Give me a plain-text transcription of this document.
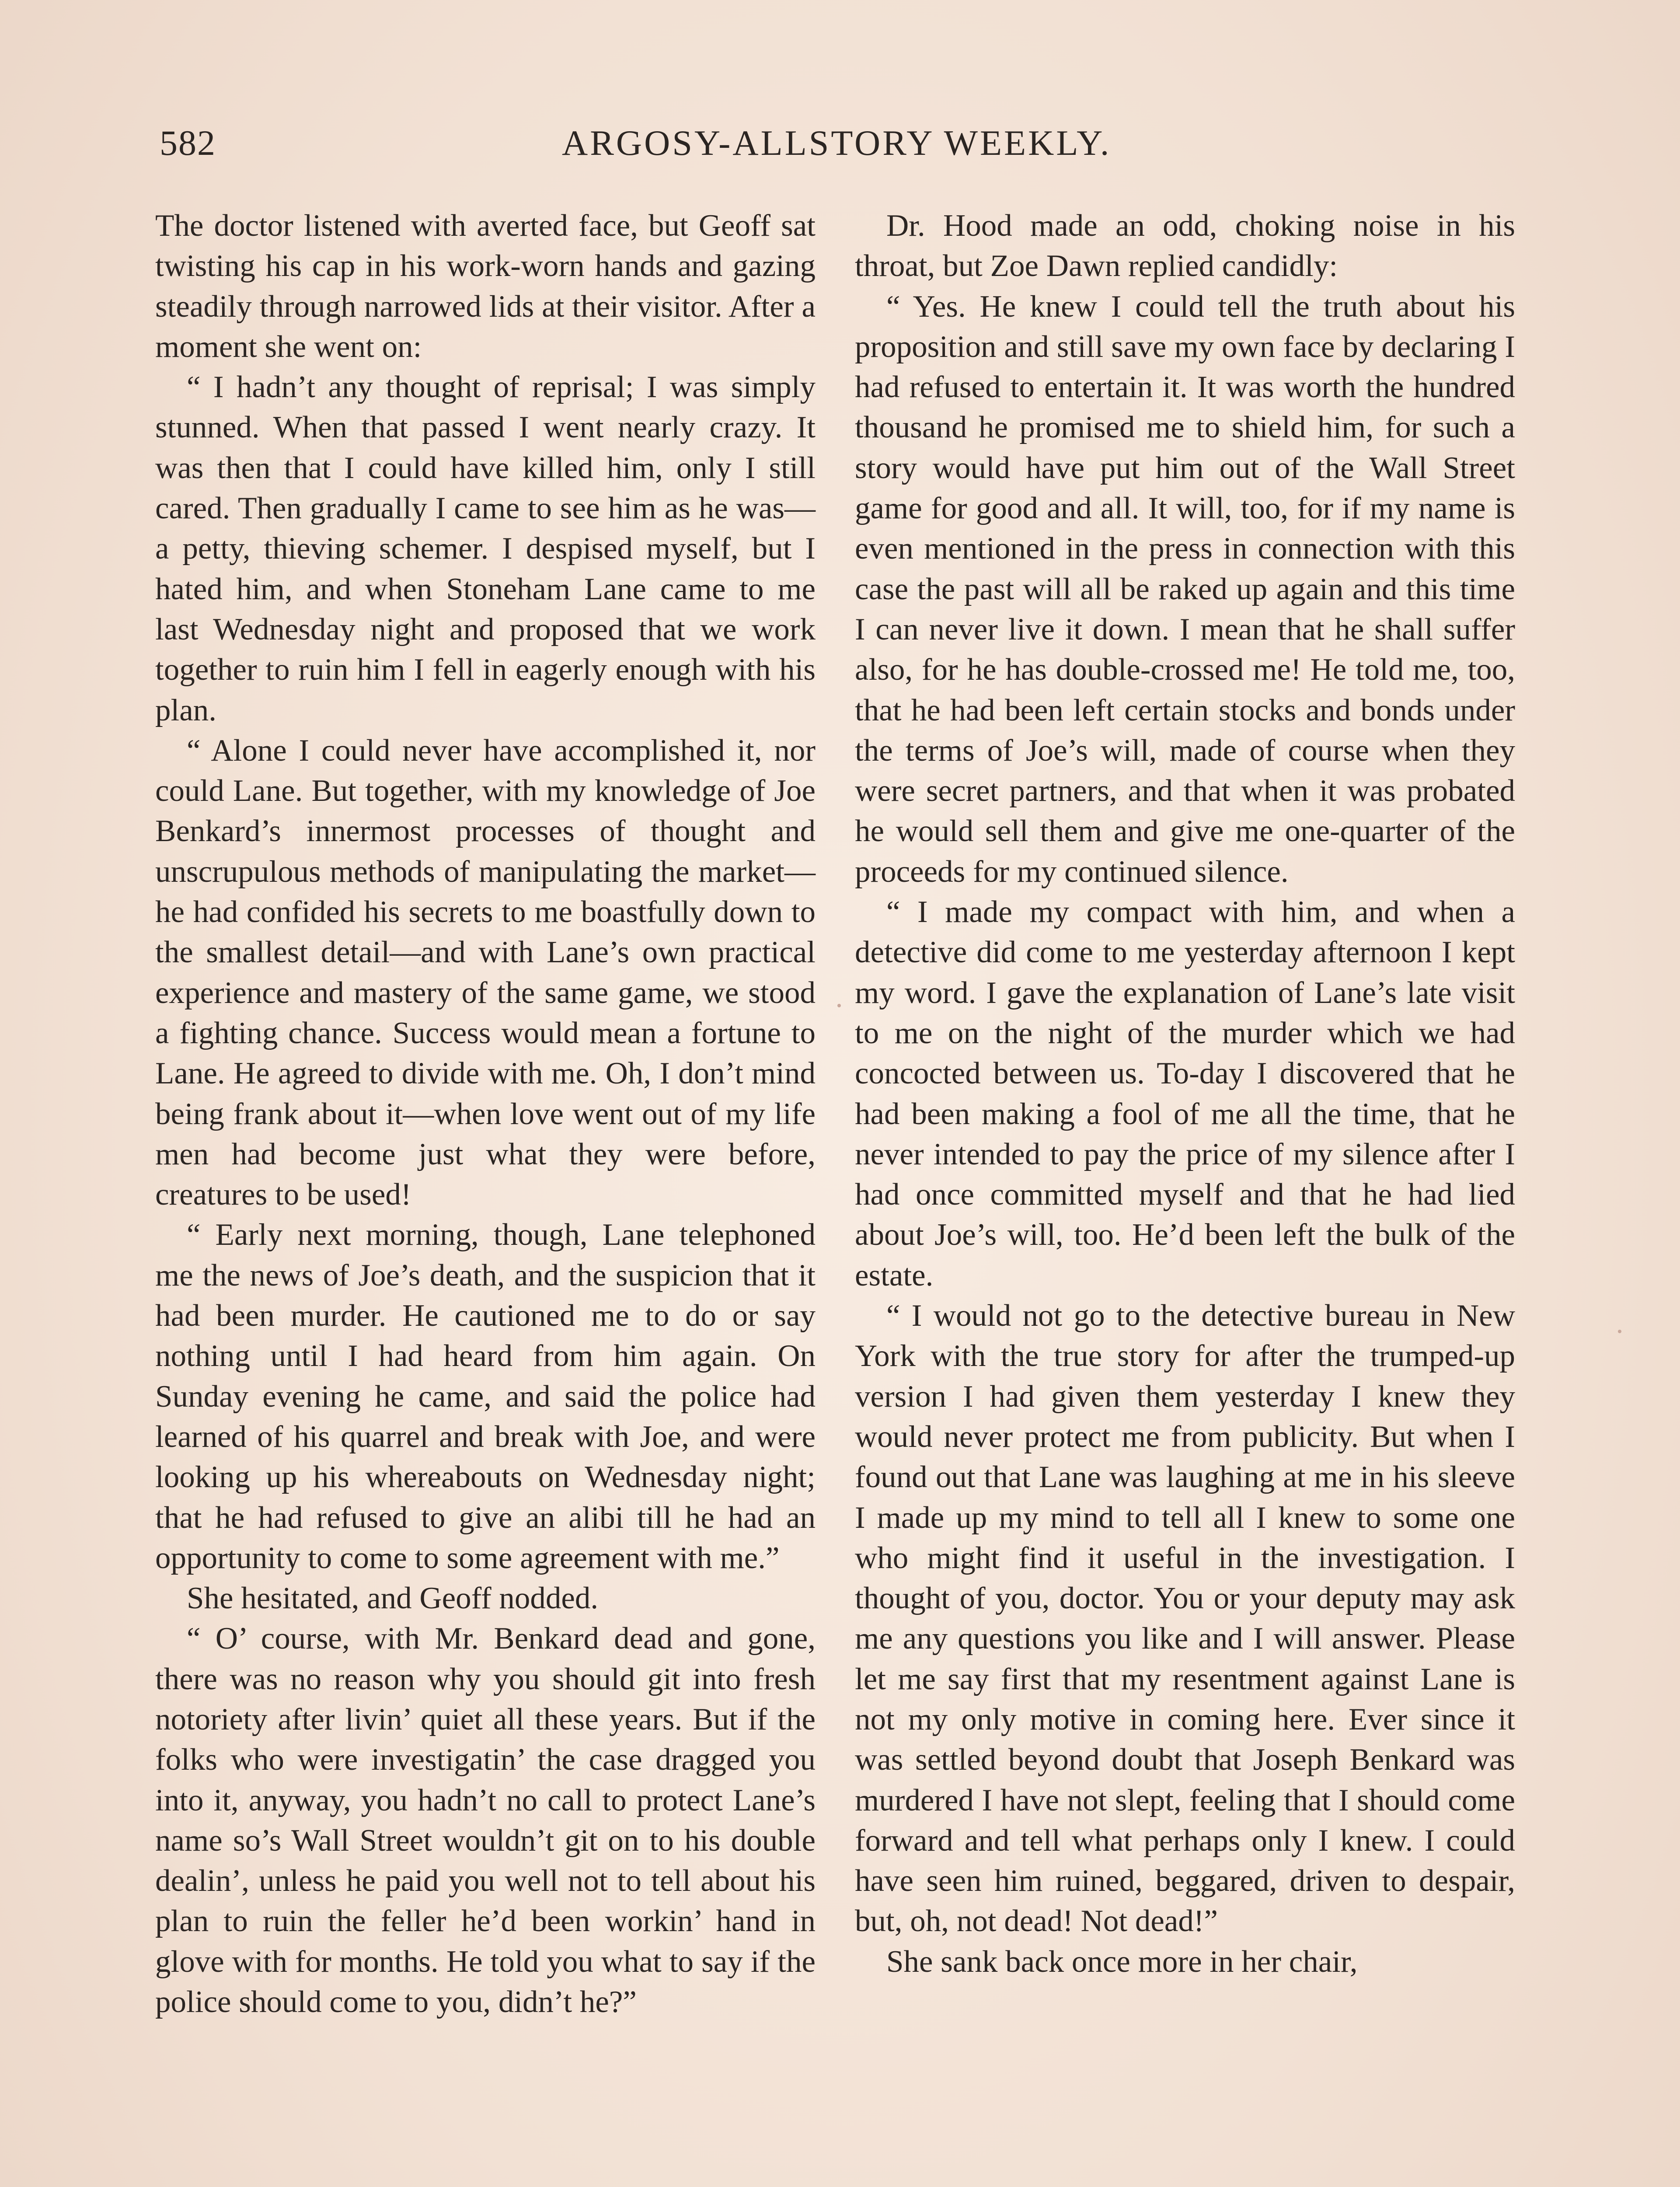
582	ARGOSY-ALLSTORY WEEKLY.

The doctor listened with averted face, but Geoff sat twisting his cap in his work-worn hands and gazing steadily through narrowed lids at their visitor. After a moment she went on:

“ I hadn’t any thought of reprisal; I was simply stunned. When that passed I went nearly crazy. It was then that I could have killed him, only I still cared. Then gradually I came to see him as he was—a petty, thieving schemer. I despised myself, but I hated him, and when Stoneham Lane came to me last Wednesday night and proposed that we work together to ruin him I fell in eagerly enough with his plan.

“ Alone I could never have accomplished it, nor could Lane. But together, with my knowledge of Joe Benkard’s innermost processes of thought and unscrupulous methods of manipulating the market—he had confided his secrets to me boastfully down to the smallest detail—and with Lane’s own practical experience and mastery of the same game, we stood a fighting chance. Success would mean a fortune to Lane. He agreed to divide with me. Oh, I don’t mind being frank about it—when love went out of my life men had become just what they were before, creatures to be used!

“ Early next morning, though, Lane telephoned me the news of Joe’s death, and the suspicion that it had been murder. He cautioned me to do or say nothing until I had heard from him again. On Sunday evening he came, and said the police had learned of his quarrel and break with Joe, and were looking up his whereabouts on Wednesday night; that he had refused to give an alibi till he had an opportunity to come to some agreement with me.”

She hesitated, and Geoff nodded.

“ O’ course, with Mr. Benkard dead and gone, there was no reason why you should git into fresh notoriety after livin’ quiet all these years. But if the folks who were investigatin’ the case dragged you into it, anyway, you hadn’t no call to protect Lane’s name so’s Wall Street wouldn’t git on to his double dealin’, unless he paid you well not to tell about his plan to ruin the feller he’d been workin’ hand in glove with for months. He told you what to say if the police should come to you, didn’t he?”

Dr. Hood made an odd, choking noise in his throat, but Zoe Dawn replied candidly:

“ Yes. He knew I could tell the truth about his proposition and still save my own face by declaring I had refused to entertain it. It was worth the hundred thousand he promised me to shield him, for such a story would have put him out of the Wall Street game for good and all. It will, too, for if my name is even mentioned in the press in connection with this case the past will all be raked up again and this time I can never live it down. I mean that he shall suffer also, for he has double-crossed me! He told me, too, that he had been left certain stocks and bonds under the terms of Joe’s will, made of course when they were secret partners, and that when it was probated he would sell them and give me one-quarter of the proceeds for my continued silence.

“ I made my compact with him, and when a detective did come to me yesterday afternoon I kept my word. I gave the explanation of Lane’s late visit to me on the night of the murder which we had concocted between us. To-day I discovered that he had been making a fool of me all the time, that he never intended to pay the price of my silence after I had once committed myself and that he had lied about Joe’s will, too. He’d been left the bulk of the estate.

“ I would not go to the detective bureau in New York with the true story for after the trumped-up version I had given them yesterday I knew they would never protect me from publicity. But when I found out that Lane was laughing at me in his sleeve I made up my mind to tell all I knew to some one who might find it useful in the investigation. I thought of you, doctor. You or your deputy may ask me any questions you like and I will answer. Please let me say first that my resentment against Lane is not my only motive in coming here. Ever since it was settled beyond doubt that Joseph Benkard was murdered I have not slept, feeling that I should come forward and tell what perhaps only I knew. I could have seen him ruined, beggared, driven to despair, but, oh, not dead! Not dead!”

She sank back once more in her chair,
